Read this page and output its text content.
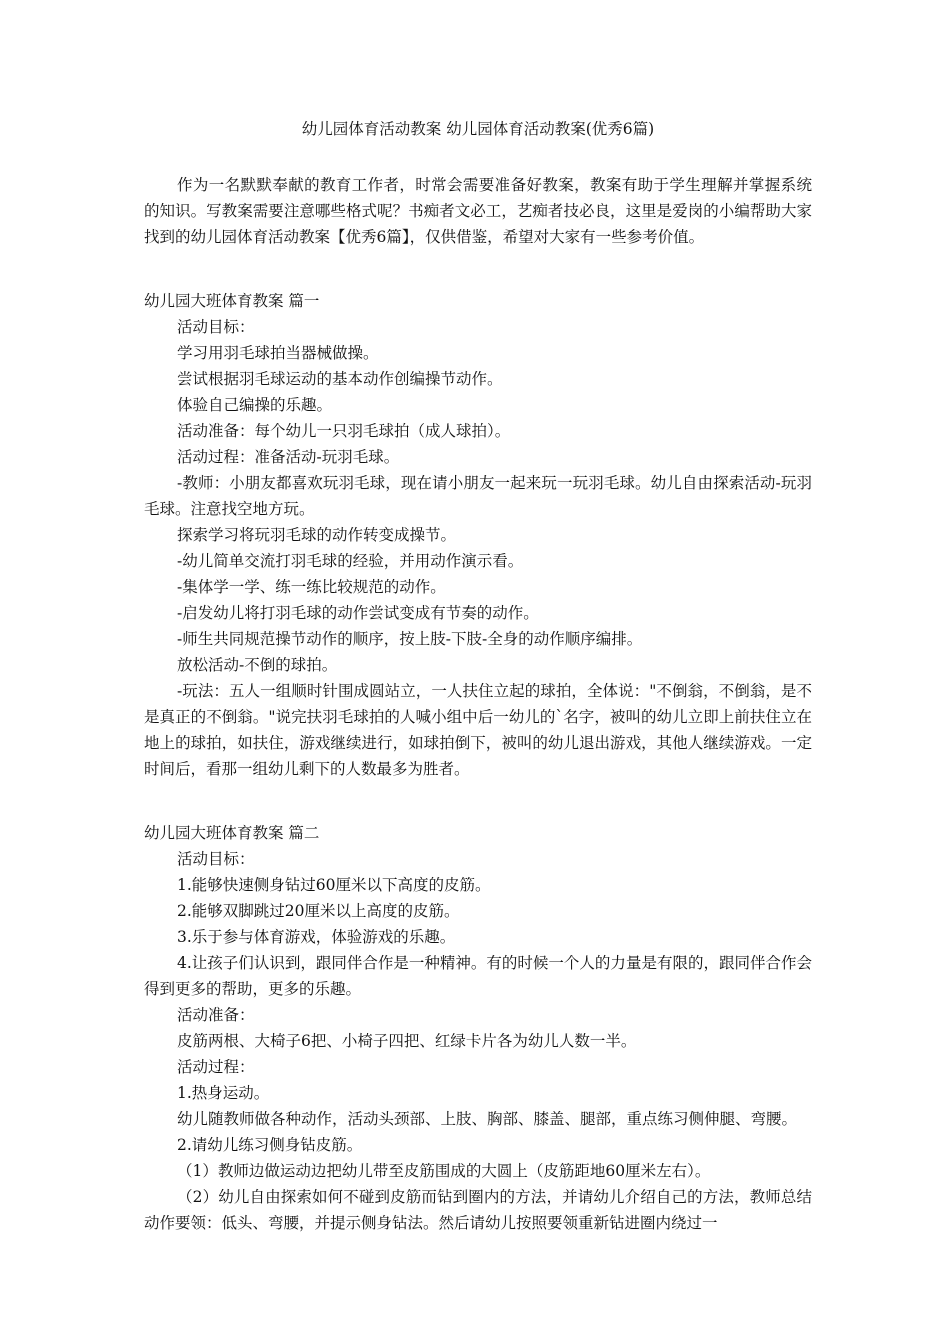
幼儿园体育活动教案 幼儿园体育活动教案(优秀6篇)

作为一名默默奉献的教育工作者，时常会需要准备好教案，教案有助于学生理解并掌握系统的知识。写教案需要注意哪些格式呢？书痴者文必工，艺痴者技必良，这里是爱岗的小编帮助大家找到的幼儿园体育活动教案【优秀6篇】，仅供借鉴，希望对大家有一些参考价值。

幼儿园大班体育教案 篇一

活动目标：

学习用羽毛球拍当器械做操。

尝试根据羽毛球运动的基本动作创编操节动作。

体验自己编操的乐趣。

活动准备：每个幼儿一只羽毛球拍（成人球拍）。

活动过程：准备活动-玩羽毛球。

-教师：小朋友都喜欢玩羽毛球，现在请小朋友一起来玩一玩羽毛球。幼儿自由探索活动-玩羽毛球。注意找空地方玩。

探索学习将玩羽毛球的动作转变成操节。

-幼儿简单交流打羽毛球的经验，并用动作演示看。

-集体学一学、练一练比较规范的动作。

-启发幼儿将打羽毛球的动作尝试变成有节奏的动作。

-师生共同规范操节动作的顺序，按上肢-下肢-全身的动作顺序编排。

放松活动-不倒的球拍。

-玩法：五人一组顺时针围成圆站立，一人扶住立起的球拍，全体说："不倒翁，不倒翁，是不是真正的不倒翁。"说完扶羽毛球拍的人喊小组中后一幼儿的`名字，被叫的幼儿立即上前扶住立在地上的球拍，如扶住，游戏继续进行，如球拍倒下，被叫的幼儿退出游戏，其他人继续游戏。一定时间后，看那一组幼儿剩下的人数最多为胜者。

幼儿园大班体育教案 篇二

活动目标：

1.能够快速侧身钻过60厘米以下高度的皮筋。

2.能够双脚跳过20厘米以上高度的皮筋。

3.乐于参与体育游戏，体验游戏的乐趣。

4.让孩子们认识到，跟同伴合作是一种精神。有的时候一个人的力量是有限的，跟同伴合作会得到更多的帮助，更多的乐趣。

活动准备：

皮筋两根、大椅子6把、小椅子四把、红绿卡片各为幼儿人数一半。

活动过程：

1.热身运动。

幼儿随教师做各种动作，活动头颈部、上肢、胸部、膝盖、腿部，重点练习侧伸腿、弯腰。

2.请幼儿练习侧身钻皮筋。

（1）教师边做运动边把幼儿带至皮筋围成的大圆上（皮筋距地60厘米左右）。

（2）幼儿自由探索如何不碰到皮筋而钻到圈内的方法，并请幼儿介绍自己的方法，教师总结动作要领：低头、弯腰，并提示侧身钻法。然后请幼儿按照要领重新钻进圈内绕过一
